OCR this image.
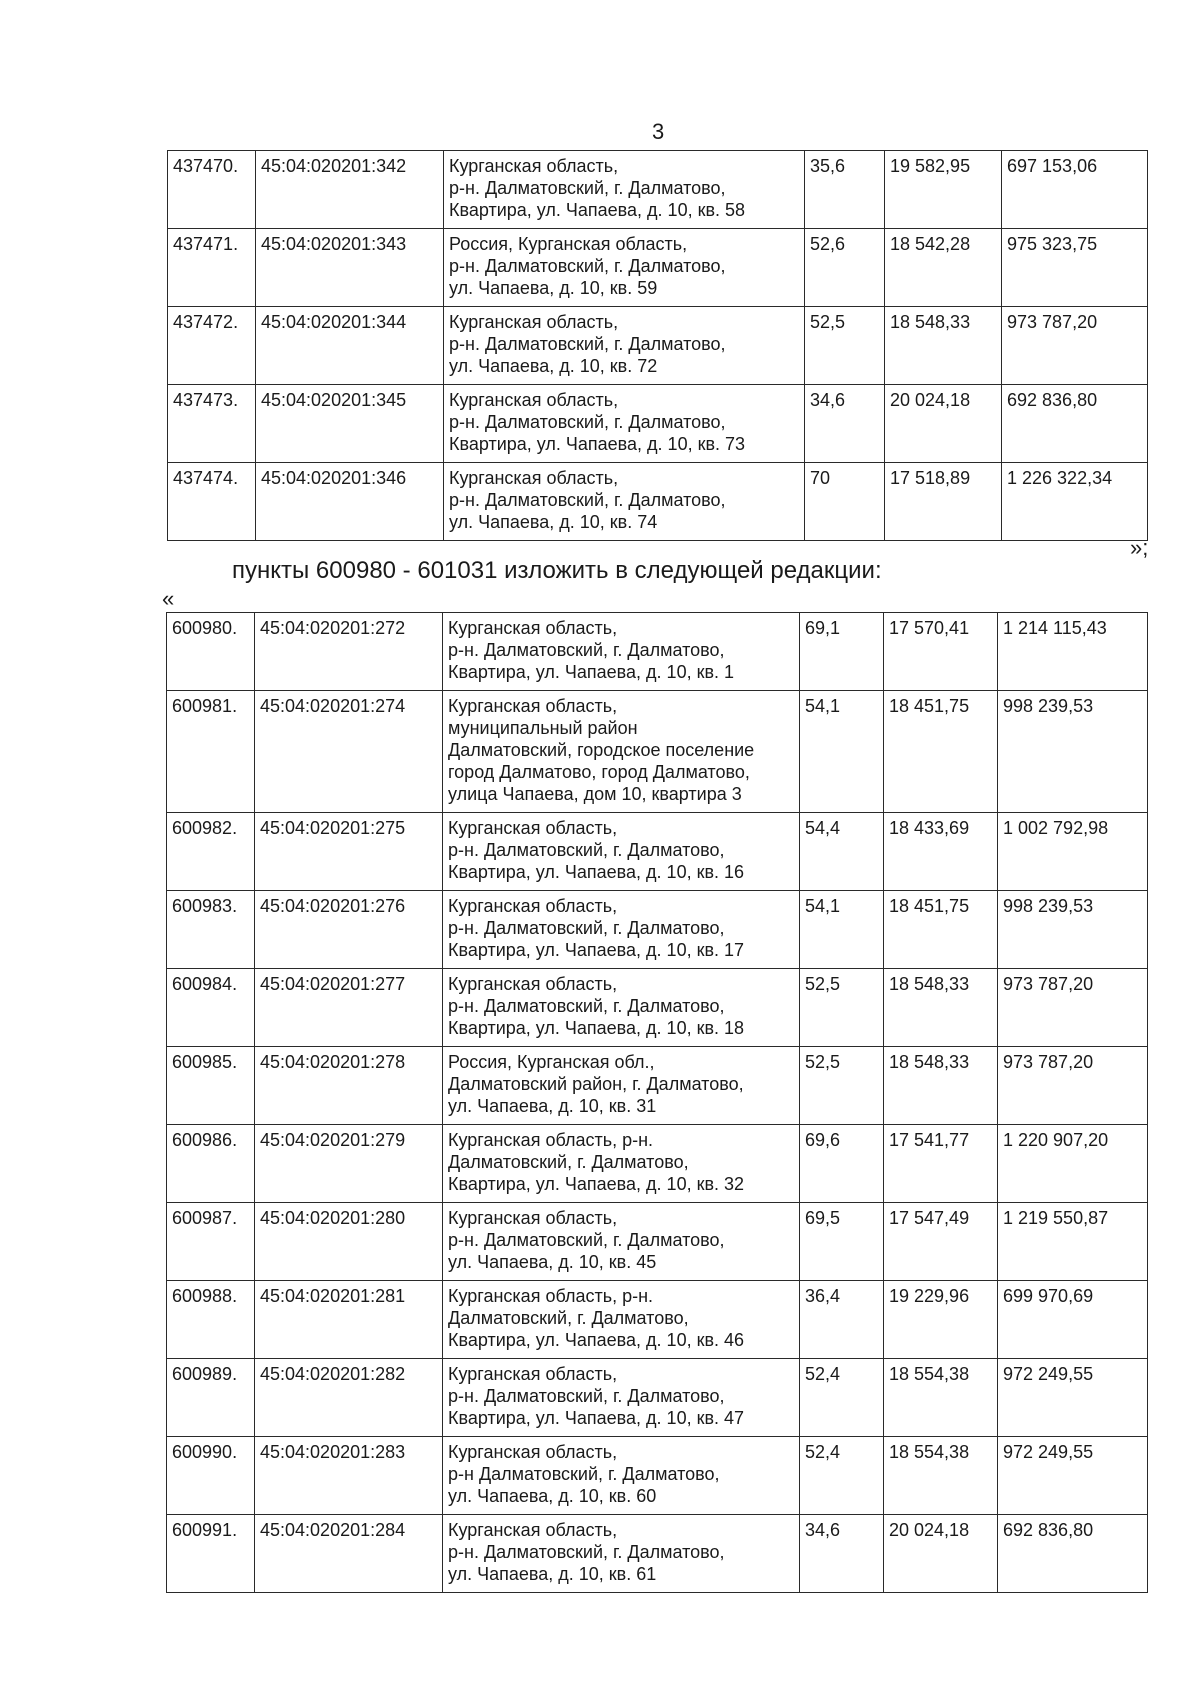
3
437470.	45:04:020201:342	Курганская область,
р-н. Далматовский, г. Далматово,
Квартира, ул. Чапаева, д. 10, кв. 58	35,6	19 582,95	697 153,06
437471.	45:04:020201:343	Россия, Курганская область,
р-н. Далматовский, г. Далматово,
ул. Чапаева, д. 10, кв. 59	52,6	18 542,28	975 323,75
437472.	45:04:020201:344	Курганская область,
р-н. Далматовский, г. Далматово,
ул. Чапаева, д. 10, кв. 72	52,5	18 548,33	973 787,20
437473.	45:04:020201:345	Курганская область,
р-н. Далматовский, г. Далматово,
Квартира, ул. Чапаева, д. 10, кв. 73	34,6	20 024,18	692 836,80
437474.	45:04:020201:346	Курганская область,
р-н. Далматовский, г. Далматово,
ул. Чапаева, д. 10, кв. 74	70	17 518,89	1 226 322,34
»;
пункты 600980 - 601031 изложить в следующей редакции:
«
600980.	45:04:020201:272	Курганская область,
р-н. Далматовский, г. Далматово,
Квартира, ул. Чапаева, д. 10, кв. 1	69,1	17 570,41	1 214 115,43
600981.	45:04:020201:274	Курганская область,
муниципальный район
Далматовский, городское поселение
город Далматово, город Далматово,
улица Чапаева, дом 10, квартира 3	54,1	18 451,75	998 239,53
600982.	45:04:020201:275	Курганская область,
р-н. Далматовский, г. Далматово,
Квартира, ул. Чапаева, д. 10, кв. 16	54,4	18 433,69	1 002 792,98
600983.	45:04:020201:276	Курганская область,
р-н. Далматовский, г. Далматово,
Квартира, ул. Чапаева, д. 10, кв. 17	54,1	18 451,75	998 239,53
600984.	45:04:020201:277	Курганская область,
р-н. Далматовский, г. Далматово,
Квартира, ул. Чапаева, д. 10, кв. 18	52,5	18 548,33	973 787,20
600985.	45:04:020201:278	Россия, Курганская обл.,
Далматовский район, г. Далматово,
ул. Чапаева, д. 10, кв. 31	52,5	18 548,33	973 787,20
600986.	45:04:020201:279	Курганская область, р-н.
Далматовский, г. Далматово,
Квартира, ул. Чапаева, д. 10, кв. 32	69,6	17 541,77	1 220 907,20
600987.	45:04:020201:280	Курганская область,
р-н. Далматовский, г. Далматово,
ул. Чапаева, д. 10, кв. 45	69,5	17 547,49	1 219 550,87
600988.	45:04:020201:281	Курганская область, р-н.
Далматовский, г. Далматово,
Квартира, ул. Чапаева, д. 10, кв. 46	36,4	19 229,96	699 970,69
600989.	45:04:020201:282	Курганская область,
р-н. Далматовский, г. Далматово,
Квартира, ул. Чапаева, д. 10, кв. 47	52,4	18 554,38	972 249,55
600990.	45:04:020201:283	Курганская область,
р-н Далматовский, г. Далматово,
ул. Чапаева, д. 10, кв. 60	52,4	18 554,38	972 249,55
600991.	45:04:020201:284	Курганская область,
р-н. Далматовский, г. Далматово,
ул. Чапаева, д. 10, кв. 61	34,6	20 024,18	692 836,80
